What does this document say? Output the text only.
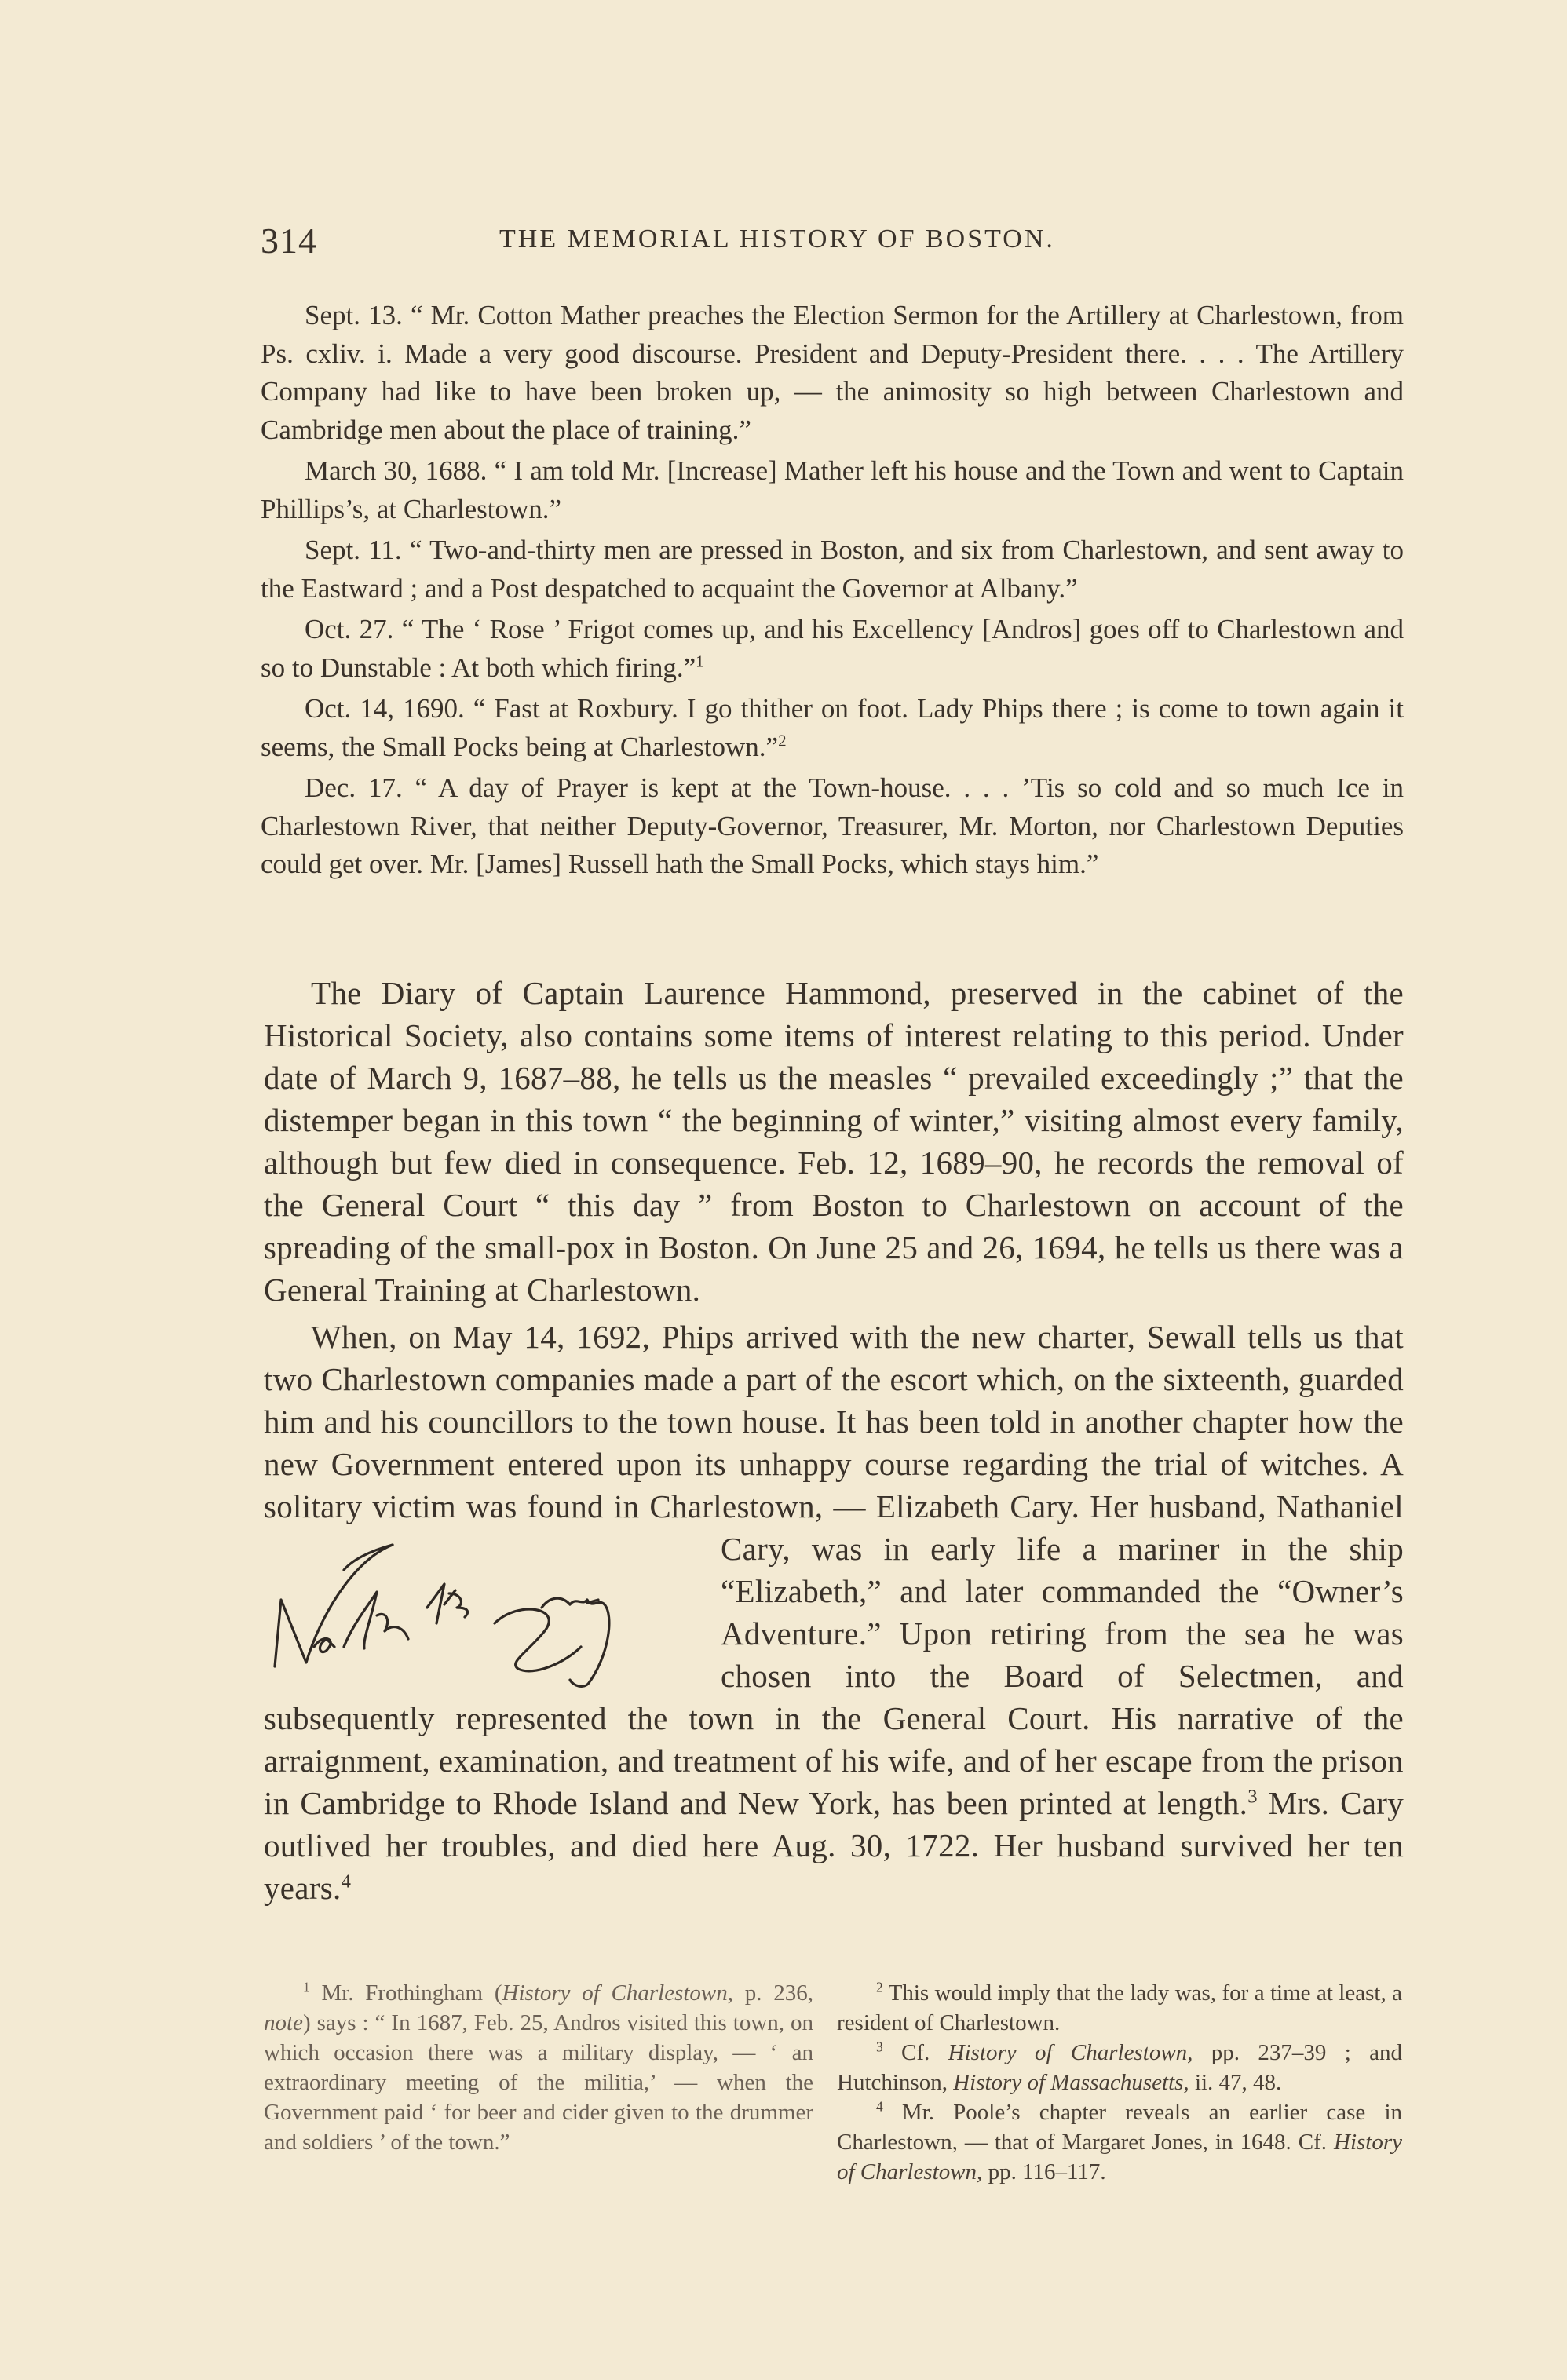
314	THE MEMORIAL HISTORY OF BOSTON.

Sept. 13. “ Mr. Cotton Mather preaches the Election Sermon for the Artillery at Charlestown, from Ps. cxliv. i. Made a very good discourse. President and Deputy-President there. . . . The Artillery Company had like to have been broken up, — the animosity so high between Charlestown and Cambridge men about the place of training.”

March 30, 1688. “ I am told Mr. [Increase] Mather left his house and the Town and went to Captain Phillips’s, at Charlestown.”

Sept. 11. “ Two-and-thirty men are pressed in Boston, and six from Charlestown, and sent away to the Eastward ; and a Post despatched to acquaint the Governor at Albany.”

Oct. 27. “ The ‘ Rose ’ Frigot comes up, and his Excellency [Andros] goes off to Charlestown and so to Dunstable : At both which firing.”$^1$

Oct. 14, 1690. “ Fast at Roxbury. I go thither on foot. Lady Phips there ; is come to town again it seems, the Small Pocks being at Charlestown.”$^2$

Dec. 17. “ A day of Prayer is kept at the Town-house. . . . ’Tis so cold and so much Ice in Charlestown River, that neither Deputy-Governor, Treasurer, Mr. Morton, nor Charlestown Deputies could get over. Mr. [James] Russell hath the Small Pocks, which stays him.”

The Diary of Captain Laurence Hammond, preserved in the cabinet of the Historical Society, also contains some items of interest relating to this period. Under date of March 9, 1687–88, he tells us the measles “ prevailed exceedingly ;” that the distemper began in this town “ the beginning of winter,” visiting almost every family, although but few died in consequence. Feb. 12, 1689–90, he records the removal of the General Court “ this day ” from Boston to Charlestown on account of the spreading of the small-pox in Boston. On June 25 and 26, 1694, he tells us there was a General Training at Charlestown.

When, on May 14, 1692, Phips arrived with the new charter, Sewall tells us that two Charlestown companies made a part of the escort which, on the sixteenth, guarded him and his councillors to the town house. It has been told in another chapter how the new Government entered upon its unhappy course regarding the trial of witches. A solitary victim was found in Charlestown, — Elizabeth Cary. Her husband, Nathaniel Cary, was in early life a mariner in the ship “Elizabeth,” and later commanded the “Owner’s Adventure.” Upon retiring from the sea he was chosen into the Board of Selectmen, and subsequently represented the town in the General Court. His narrative of the arraignment, examination, and treatment of his wife, and of her escape from the prison in Cambridge to Rhode Island and New York, has been printed at length.$^3$ Mrs. Cary outlived her troubles, and died here Aug. 30, 1722. Her husband survived her ten years.$^4$

$^1$ Mr. Frothingham (History of Charlestown, p. 236, note) says : “ In 1687, Feb. 25, Andros visited this town, on which occasion there was a military display, — ‘ an extraordinary meeting of the militia,’ — when the Government paid ‘ for beer and cider given to the drummer and soldiers ’ of the town.”

$^2$ This would imply that the lady was, for a time at least, a resident of Charlestown.

$^3$ Cf. History of Charlestown, pp. 237–39 ; and Hutchinson, History of Massachusetts, ii. 47, 48.

$^4$ Mr. Poole’s chapter reveals an earlier case in Charlestown, — that of Margaret Jones, in 1648. Cf. History of Charlestown, pp. 116–117.
